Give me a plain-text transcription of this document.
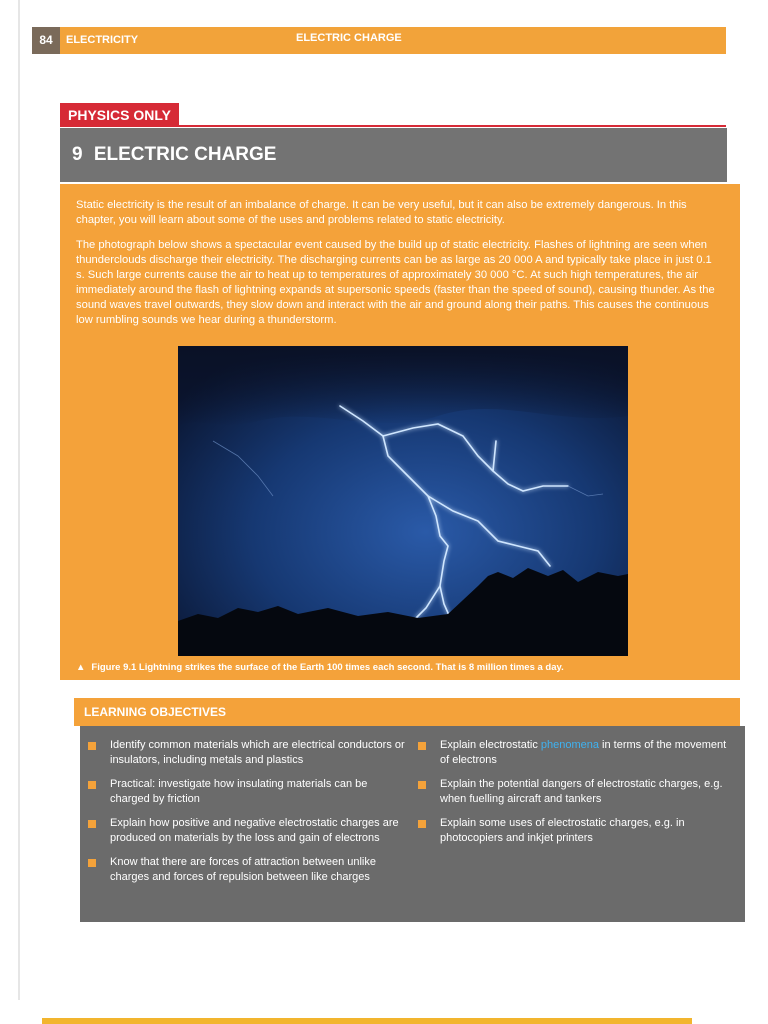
84	ELECTRICITY	ELECTRIC CHARGE
PHYSICS ONLY
9 ELECTRIC CHARGE

Static electricity is the result of an imbalance of charge. It can be very useful, but it can also be extremely dangerous. In this chapter, you will learn about some of the uses and problems related to static electricity.

The photograph below shows a spectacular event caused by the build up of static electricity. Flashes of lightning are seen when thunderclouds discharge their electricity. The discharging currents can be as large as 20 000 A and typically take place in just 0.1 s. Such large currents cause the air to heat up to temperatures of approximately 30 000 °C. At such high temperatures, the air immediately around the flash of lightning expands at supersonic speeds (faster than the speed of sound), causing thunder. As the sound waves travel outwards, they slow down and interact with the air and ground along their paths. This causes the continuous low rumbling sounds we hear during a thunderstorm.

▲ Figure 9.1 Lightning strikes the surface of the Earth 100 times each second. That is 8 million times a day.
LEARNING OBJECTIVES
Identify common materials which are electrical conductors or insulators, including metals and plastics
Practical: investigate how insulating materials can be charged by friction
Explain how positive and negative electrostatic charges are produced on materials by the loss and gain of electrons
Know that there are forces of attraction between unlike charges and forces of repulsion between like charges
Explain electrostatic phenomena in terms of the movement of electrons
Explain the potential dangers of electrostatic charges, e.g. when fuelling aircraft and tankers
Explain some uses of electrostatic charges, e.g. in photocopiers and inkjet printers
